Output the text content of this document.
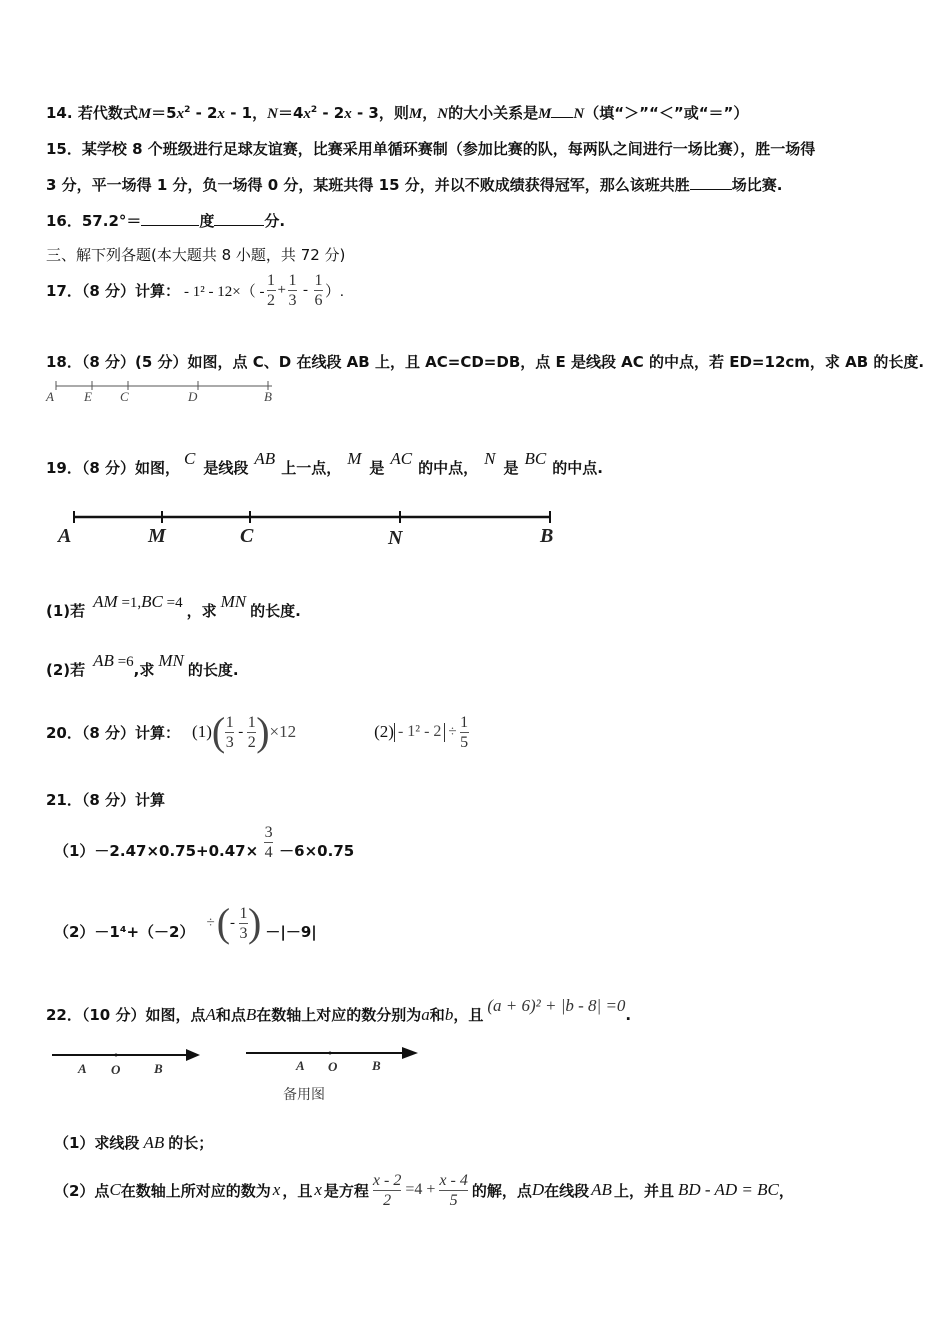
14. 若代数式$M=5x^2 - 2x - 1$，$N=4x^2 - 2x - 3$，则M，N的大小关系是M N（填“＞”“＜”或“＝”）
15．某学校 8 个班级进行足球友谊赛，比赛采用单循环赛制（参加比赛的队，每两队之间进行一场比赛），胜一场得
3 分，平一场得 1 分，负一场得 0 分，某班共得 15 分，并以不败成绩获得冠军，那么该班共胜	场比赛.
16．57.2°＝	度	分.
三、解下列各题(本大题共 8 小题，共 72 分)
17．（8 分）计算： - $1^2 - 12\times( - \frac{1}{2} + \frac{1}{3} - \frac{1}{6}$ ）.
18．（8 分）(5 分）如图，点 C、D 在线段 AB 上，且 AC=CD=DB，点 E 是线段 AC 的中点，若 ED=12cm，求 AB 的长度.
A E C	D	B
19．（8 分）如图， C 是线段 AB 上一点， M 是 AC 的中点， N 是 BC 的中点.
A	M	C	N	B
(1)若 AM =1,BC =4 ，求 MN 的长度.
(2)若 AB =6,求 MN 的长度.
20．（8 分）计算： (1) ( $\frac{1}{3} - \frac{1}{2}$ ) ×12	$(2) - 1^2 - 2 \div \frac{1}{5}$
21．（8 分）计算
$(1)-2.47\times 0.75+0.47\times \frac{3}{4} -6\times 0.75$
（2）－1⁴+（－2） ÷ ( - $\frac{1}{3}$ ) －|－9|
22．（10 分）如图，点A和点B在数轴上对应的数分别为a和b，且 (a + 6)² + |b - 8| =0.
A O	B	A O	B
备用图
（1）求线段 AB 的长；
（2）点 C 在数轴上所对应的数为 x ，且 x 是方程 $\frac{x - 2}{2} =4 + \frac{x - 4}{5}$ 的解，点 D 在线段 AB 上，并且 BD - AD = BC ，
